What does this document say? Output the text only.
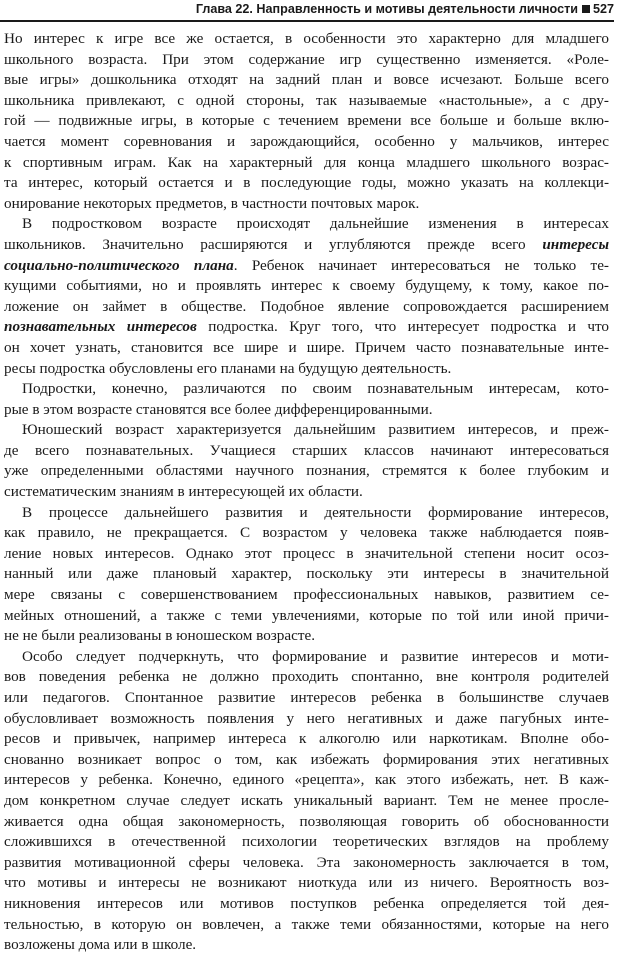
Глава 22. Направленность и мотивы деятельности личности 527
Но интерес к игре все же остается, в особенности это характерно для младшего
школьного возраста. При этом содержание игр существенно изменяется. «Роле-
вые игры» дошкольника отходят на задний план и вовсе исчезают. Больше всего
школьника привлекают, с одной стороны, так называемые «настольные», а с дру-
гой — подвижные игры, в которые с течением времени все больше и больше вклю-
чается момент соревнования и зарождающийся, особенно у мальчиков, интерес
к спортивным играм. Как на характерный для конца младшего школьного возрас-
та интерес, который остается и в последующие годы, можно указать на коллекци-
онирование некоторых предметов, в частности почтовых марок.
В подростковом возрасте происходят дальнейшие изменения в интересах
школьников. Значительно расширяются и углубляются прежде всего интересы
социально-политического плана. Ребенок начинает интересоваться не только те-
кущими событиями, но и проявлять интерес к своему будущему, к тому, какое по-
ложение он займет в обществе. Подобное явление сопровождается расширением
познавательных интересов подростка. Круг того, что интересует подростка и что
он хочет узнать, становится все шире и шире. Причем часто познавательные инте-
ресы подростка обусловлены его планами на будущую деятельность.
Подростки, конечно, различаются по своим познавательным интересам, кото-
рые в этом возрасте становятся все более дифференцированными.
Юношеский возраст характеризуется дальнейшим развитием интересов, и преж-
де всего познавательных. Учащиеся старших классов начинают интересоваться
уже определенными областями научного познания, стремятся к более глубоким и
систематическим знаниям в интересующей их области.
В процессе дальнейшего развития и деятельности формирование интересов,
как правило, не прекращается. С возрастом у человека также наблюдается появ-
ление новых интересов. Однако этот процесс в значительной степени носит осоз-
нанный или даже плановый характер, поскольку эти интересы в значительной
мере связаны с совершенствованием профессиональных навыков, развитием се-
мейных отношений, а также с теми увлечениями, которые по той или иной причи-
не не были реализованы в юношеском возрасте.
Особо следует подчеркнуть, что формирование и развитие интересов и моти-
вов поведения ребенка не должно проходить спонтанно, вне контроля родителей
или педагогов. Спонтанное развитие интересов ребенка в большинстве случаев
обусловливает возможность появления у него негативных и даже пагубных инте-
ресов и привычек, например интереса к алкоголю или наркотикам. Вполне обо-
снованно возникает вопрос о том, как избежать формирования этих негативных
интересов у ребенка. Конечно, единого «рецепта», как этого избежать, нет. В каж-
дом конкретном случае следует искать уникальный вариант. Тем не менее просле-
живается одна общая закономерность, позволяющая говорить об обоснованности
сложившихся в отечественной психологии теоретических взглядов на проблему
развития мотивационной сферы человека. Эта закономерность заключается в том,
что мотивы и интересы не возникают ниоткуда или из ничего. Вероятность воз-
никновения интересов или мотивов поступков ребенка определяется той дея-
тельностью, в которую он вовлечен, а также теми обязанностями, которые на него
возложены дома или в школе.
